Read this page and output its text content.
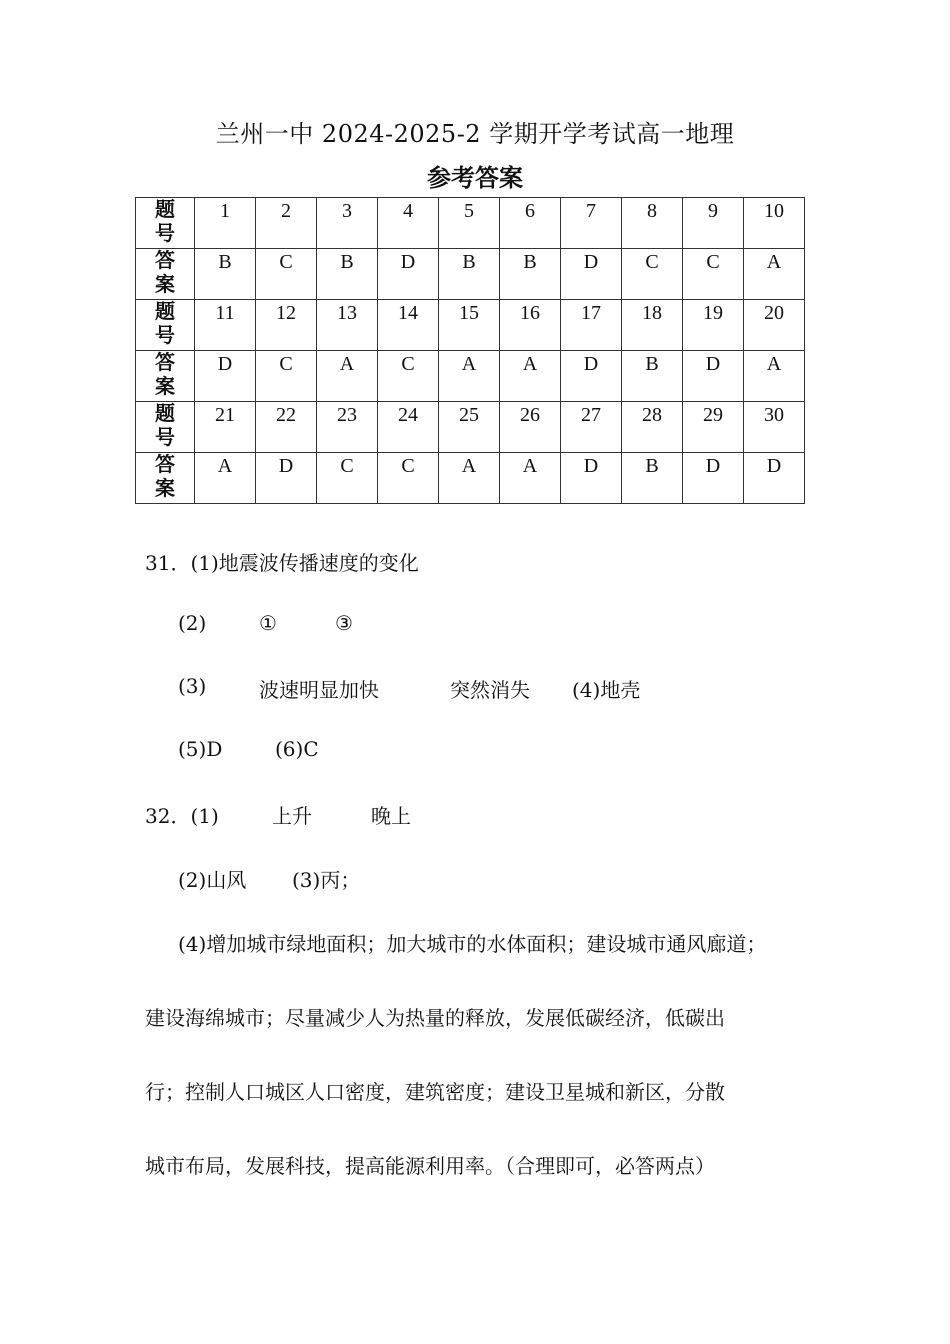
兰州一中 2024-2025-2 学期开学考试高一地理
参考答案
题
号	1	2	3	4	5	6	7	8	9	10

答
案	B	C	B	D	B	B	D	C	C	A

题
号	11	12	13	14	15	16	17	18	19	20

答
案	D	C	A	C	A	A	D	B	D	A

题
号	21	22	23	24	25	26	27	28	29	30

答
案	A	D	C	C	A	A	D	B	D	D
31．(1)地震波传播速度的变化
(2)	①	③
(3)	波速明显加快	突然消失 (4)地壳
(5)D	(6)C
32．(1)	上升	晚上
(2)山风 (3)丙；
(4)增加城市绿地面积；加大城市的水体面积；建设城市通风廊道；
建设海绵城市；尽量减少人为热量的释放，发展低碳经济，低碳出
行；控制人口城区人口密度，建筑密度；建设卫星城和新区，分散
城市布局，发展科技，提高能源利用率。（合理即可，必答两点）
